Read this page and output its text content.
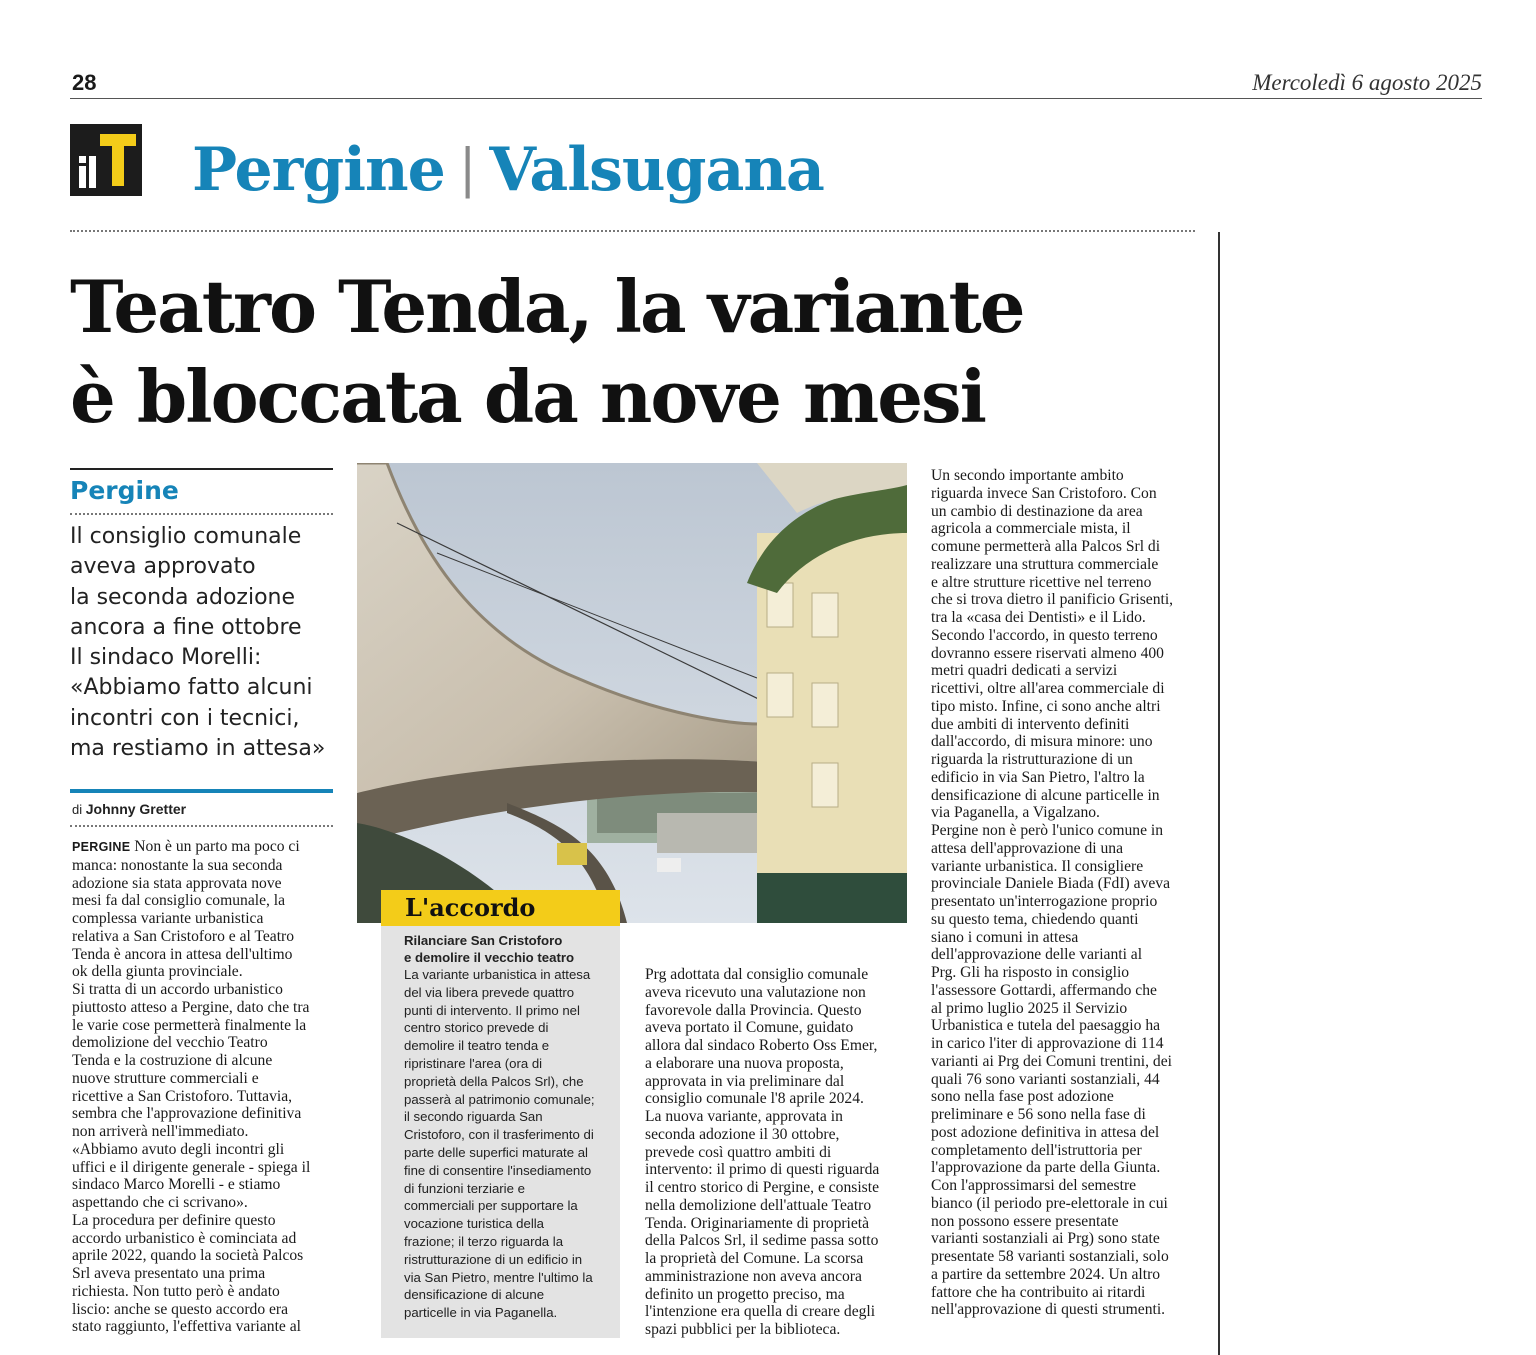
28	Mercoledì 6 agosto 2025
Pergine | Valsugana
Teatro Tenda, la variante
è bloccata da nove mesi
Pergine
Il consiglio comunale
aveva approvato
la seconda adozione
ancora a fine ottobre
Il sindaco Morelli:
«Abbiamo fatto alcuni
incontri con i tecnici,
ma restiamo in attesa»
di Johnny Gretter
PERGINE Non è un parto ma poco ci
manca: nonostante la sua seconda
adozione sia stata approvata nove
mesi fa dal consiglio comunale, la
complessa variante urbanistica
relativa a San Cristoforo e al Teatro
Tenda è ancora in attesa dell'ultimo
ok della giunta provinciale.
Si tratta di un accordo urbanistico
piuttosto atteso a Pergine, dato che tra
le varie cose permetterà finalmente la
demolizione del vecchio Teatro
Tenda e la costruzione di alcune
nuove strutture commerciali e
ricettive a San Cristoforo. Tuttavia,
sembra che l'approvazione definitiva
non arriverà nell'immediato.
«Abbiamo avuto degli incontri gli
uffici e il dirigente generale - spiega il
sindaco Marco Morelli - e stiamo
aspettando che ci scrivano».
La procedura per definire questo
accordo urbanistico è cominciata ad
aprile 2022, quando la società Palcos
Srl aveva presentato una prima
richiesta. Non tutto però è andato
liscio: anche se questo accordo era
stato raggiunto, l'effettiva variante al
L'accordo
Rilanciare San Cristoforo
e demolire il vecchio teatro
La variante urbanistica in attesa
del via libera prevede quattro
punti di intervento. Il primo nel
centro storico prevede di
demolire il teatro tenda e
ripristinare l'area (ora di
proprietà della Palcos Srl), che
passerà al patrimonio comunale;
il secondo riguarda San
Cristoforo, con il trasferimento di
parte delle superfici maturate al
fine di consentire l'insediamento
di funzioni terziarie e
commerciali per supportare la
vocazione turistica della
frazione; il terzo riguarda la
ristrutturazione di un edificio in
via San Pietro, mentre l'ultimo la
densificazione di alcune
particelle in via Paganella.
Prg adottata dal consiglio comunale
aveva ricevuto una valutazione non
favorevole dalla Provincia. Questo
aveva portato il Comune, guidato
allora dal sindaco Roberto Oss Emer,
a elaborare una nuova proposta,
approvata in via preliminare dal
consiglio comunale l'8 aprile 2024.
La nuova variante, approvata in
seconda adozione il 30 ottobre,
prevede così quattro ambiti di
intervento: il primo di questi riguarda
il centro storico di Pergine, e consiste
nella demolizione dell'attuale Teatro
Tenda. Originariamente di proprietà
della Palcos Srl, il sedime passa sotto
la proprietà del Comune. La scorsa
amministrazione non aveva ancora
definito un progetto preciso, ma
l'intenzione era quella di creare degli
spazi pubblici per la biblioteca.
Un secondo importante ambito
riguarda invece San Cristoforo. Con
un cambio di destinazione da area
agricola a commerciale mista, il
comune permetterà alla Palcos Srl di
realizzare una struttura commerciale
e altre strutture ricettive nel terreno
che si trova dietro il panificio Grisenti,
tra la «casa dei Dentisti» e il Lido.
Secondo l'accordo, in questo terreno
dovranno essere riservati almeno 400
metri quadri dedicati a servizi
ricettivi, oltre all'area commerciale di
tipo misto. Infine, ci sono anche altri
due ambiti di intervento definiti
dall'accordo, di misura minore: uno
riguarda la ristrutturazione di un
edificio in via San Pietro, l'altro la
densificazione di alcune particelle in
via Paganella, a Vigalzano.
Pergine non è però l'unico comune in
attesa dell'approvazione di una
variante urbanistica. Il consigliere
provinciale Daniele Biada (FdI) aveva
presentato un'interrogazione proprio
su questo tema, chiedendo quanti
siano i comuni in attesa
dell'approvazione delle varianti al
Prg. Gli ha risposto in consiglio
l'assessore Gottardi, affermando che
al primo luglio 2025 il Servizio
Urbanistica e tutela del paesaggio ha
in carico l'iter di approvazione di 114
varianti ai Prg dei Comuni trentini, dei
quali 76 sono varianti sostanziali, 44
sono nella fase post adozione
preliminare e 56 sono nella fase di
post adozione definitiva in attesa del
completamento dell'istruttoria per
l'approvazione da parte della Giunta.
Con l'approssimarsi del semestre
bianco (il periodo pre-elettorale in cui
non possono essere presentate
varianti sostanziali ai Prg) sono state
presentate 58 varianti sostanziali, solo
a partire da settembre 2024. Un altro
fattore che ha contribuito ai ritardi
nell'approvazione di questi strumenti.
